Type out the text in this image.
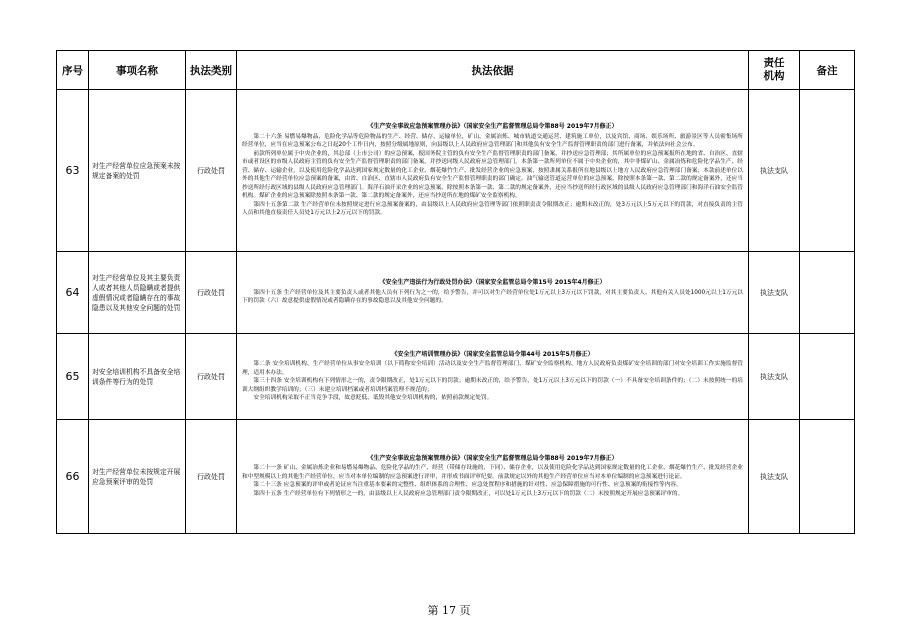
序号	事项名称	执法类别	执法依据	责任
机构	备注
63	对生产经营单位应急预案未按规定备案的处罚	行政处罚	《生产安全事故应急预案管理办法》（国家安全生产监督管理总局令第88号 2019年7月修正）

第二十六条 易燃易爆物品、危险化学品等危险物品的生产、经营、储存、运输单位，矿山、金属冶炼、城市轨道交通运营、建筑施工单位，以及宾馆、商场、娱乐场所、旅游景区等人员密集场所经营单位，应当在应急预案公布之日起20个工作日内，按照分级属地原则，向县级以上人民政府应急管理部门和其他负有安全生产监督管理职责的部门进行备案，并依法向社会公布。

前款所列单位属于中央企业的，其总部（上市公司）的应急预案，报国务院主管的负有安全生产监督管理职责的部门备案，并抄送应急管理部；其所属单位的应急预案报所在地的省、自治区、直辖市或者设区的市级人民政府主管的负有安全生产监督管理职责的部门备案，并抄送同级人民政府应急管理部门。本条第一款所列单位不属于中央企业的，其中非煤矿山、金属冶炼和危险化学品生产、经营、储存、运输企业，以及使用危险化学品达到国家规定数量的化工企业、烟花爆竹生产、批发经营企业的应急预案，按照隶属关系报所在地县级以上地方人民政府应急管理部门备案；本款前述单位以外的其他生产经营单位应急预案的备案，由省、自治区、直辖市人民政府负有安全生产监督管理职责的部门确定。油气输送管道运营单位的应急预案，除按照本条第一款、第二款的规定备案外，还应当抄送所经行政区域的县级人民政府应急管理部门。海洋石油开采企业的应急预案，除按照本条第一款、第二款的规定备案外，还应当抄送所经行政区域的县级人民政府应急管理部门和海洋石油安全监管机构。煤矿企业的应急预案除按照本条第一款、第二款的规定备案外，还应当抄送所在地的煤矿安全监察机构。

第四十五条第二款 生产经营单位未按照规定进行应急预案备案的，由县级以上人民政府应急管理等部门依照职责责令限期改正；逾期未改正的，处3万元以上5万元以下的罚款，对直接负责的主管人员和其他直接责任人员处1万元以上2万元以下的罚款。	执法支队	
64	对生产经营单位及其主要负责人或者其他人员隐瞒或者提供虚假情况或者隐瞒存在的事故隐患以及其他安全问题的处罚	行政处罚	《安全生产违法行为行政处罚办法》（国家安全监管总局令第15号 2015年4月修正）

第四十五条 生产经营单位及其主要负责人或者其他人员有下列行为之一的，给予警告，并可以对生产经营单位处1万元以上3万元以下罚款，对其主要负责人、其他有关人员处1000元以上1万元以下的罚款（六）故意提供虚假情况或者隐瞒存在的事故隐患以及其他安全问题的。	执法支队	
65	对安全培训机构不具备安全培训条件等行为的处罚	行政处罚	《安全生产培训管理办法》（国家安全监管总局令第44号 2015年5月修正）

第二条 安全培训机构、生产经营单位从事安全培训（以下简称安全培训）活动以及安全生产监督管理部门、煤矿安全监察机构、地方人民政府负责煤矿安全培训的部门对安全培训工作实施监督管理，适用本办法。

第三十四条 安全培训机构有下列情形之一的，责令限期改正，处1万元以下的罚款；逾期未改正的，给予警告，处1万元以上3万元以下的罚款（一）不具备安全培训条件的；（二）未按照统一的培训大纲组织教学培训的；（三）未建立培训档案或者培训档案管理不规范的；

安全培训机构采取不正当竞争手段，故意贬低、诋毁其他安全培训机构的，依照前款规定处罚。	执法支队	
66	对生产经营单位未按规定开展应急预案评审的处罚	行政处罚	《生产安全事故应急预案管理办法》（国家安全生产监督管理总局令第88号 2019年7月修正）

第二十一条 矿山、金属冶炼企业和易燃易爆物品、危险化学品的生产、经营（带储存设施的，下同）、储存企业，以及使用危险化学品达到国家规定数量的化工企业、烟花爆竹生产、批发经营企业和中型规模以上的其他生产经营单位，应当对本单位编制的应急预案进行评审，并形成书面评审纪要。前款规定以外的其他生产经营单位应当对本单位编制的应急预案进行论证。

第二十三条 应急预案的评审或者论证应当注重基本要素的完整性、组织体系的合理性、应急处置程序和措施的针对性、应急保障措施的可行性、应急预案的衔接性等内容。

第四十五条 生产经营单位有下列情形之一的，由县级以上人民政府应急管理部门责令限期改正，可以处1万元以上3万元以下的罚款（二）未按照规定开展应急预案评审的。	执法支队	
第 17 页
